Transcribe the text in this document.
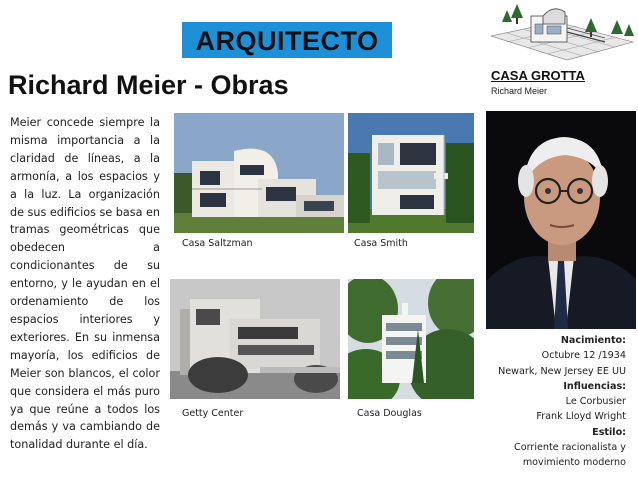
ARQUITECTO
Richard Meier - Obras	CASA GROTTA
Richard Meier

Meier concede siempre la misma importancia a la claridad de líneas, a la armonía, a los espacios y a la luz. La organización de sus edificios se basa en tramas geométricas que obedecen a condicionantes de su entorno, y le ayudan en el ordenamiento de los espacios interiores y exteriores. En su inmensa mayoría, los edificios de Meier son blancos, el color que considera el más puro ya que reúne a todos los demás y va cambiando de tonalidad durante el día.

Casa Saltzman	Casa Smith
Getty Center	Casa Douglas
Nacimiento:
Octubre 12 /1934
Newark, New Jersey EE UU
Influencias:
Le Corbusier
Frank Lloyd Wright
Estilo:
Corriente racionalista y
movimiento moderno
